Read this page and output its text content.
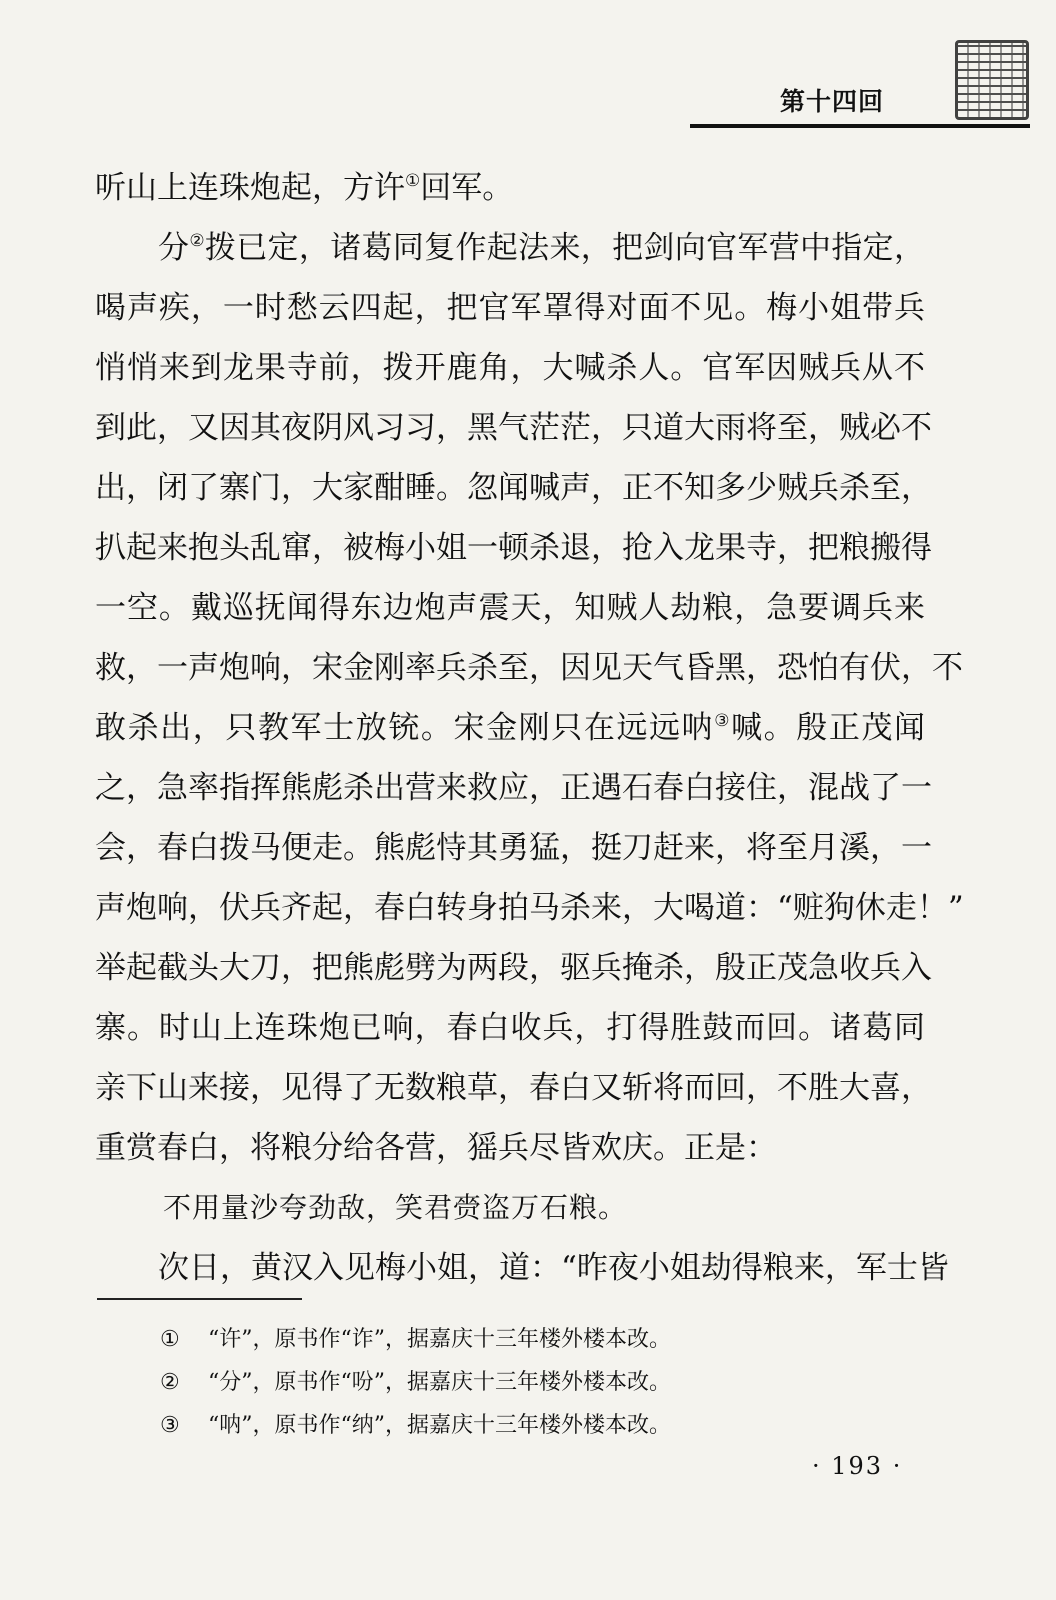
第十四回
听山上连珠炮起，方许①回军。
分②拨已定，诸葛同复作起法来，把剑向官军营中指定，
喝声疾，一时愁云四起，把官军罩得对面不见。梅小姐带兵
悄悄来到龙果寺前，拨开鹿角，大喊杀人。官军因贼兵从不
到此，又因其夜阴风习习，黑气茫茫，只道大雨将至，贼必不
出，闭了寨门，大家酣睡。忽闻喊声，正不知多少贼兵杀至，
扒起来抱头乱窜，被梅小姐一顿杀退，抢入龙果寺，把粮搬得
一空。戴巡抚闻得东边炮声震天，知贼人劫粮，急要调兵来
救，一声炮响，宋金刚率兵杀至，因见天气昏黑，恐怕有伏，不
敢杀出，只教军士放铳。宋金刚只在远远呐③喊。殷正茂闻
之，急率指挥熊彪杀出营来救应，正遇石春白接住，混战了一
会，春白拨马便走。熊彪恃其勇猛，挺刀赶来，将至月溪，一
声炮响，伏兵齐起，春白转身拍马杀来，大喝道：“赃狗休走！”
举起截头大刀，把熊彪劈为两段，驱兵掩杀，殷正茂急收兵入
寨。时山上连珠炮已响，春白收兵，打得胜鼓而回。诸葛同
亲下山来接，见得了无数粮草，春白又斩将而回，不胜大喜，
重赏春白，将粮分给各营，猺兵尽皆欢庆。正是：
不用量沙夸劲敌，笑君赍盗万石粮。
次日，黄汉入见梅小姐，道：“昨夜小姐劫得粮来，军士皆
① “许”，原书作“诈”，据嘉庆十三年楼外楼本改。
② “分”，原书作“吩”，据嘉庆十三年楼外楼本改。
③ “呐”，原书作“纳”，据嘉庆十三年楼外楼本改。
· 193 ·
